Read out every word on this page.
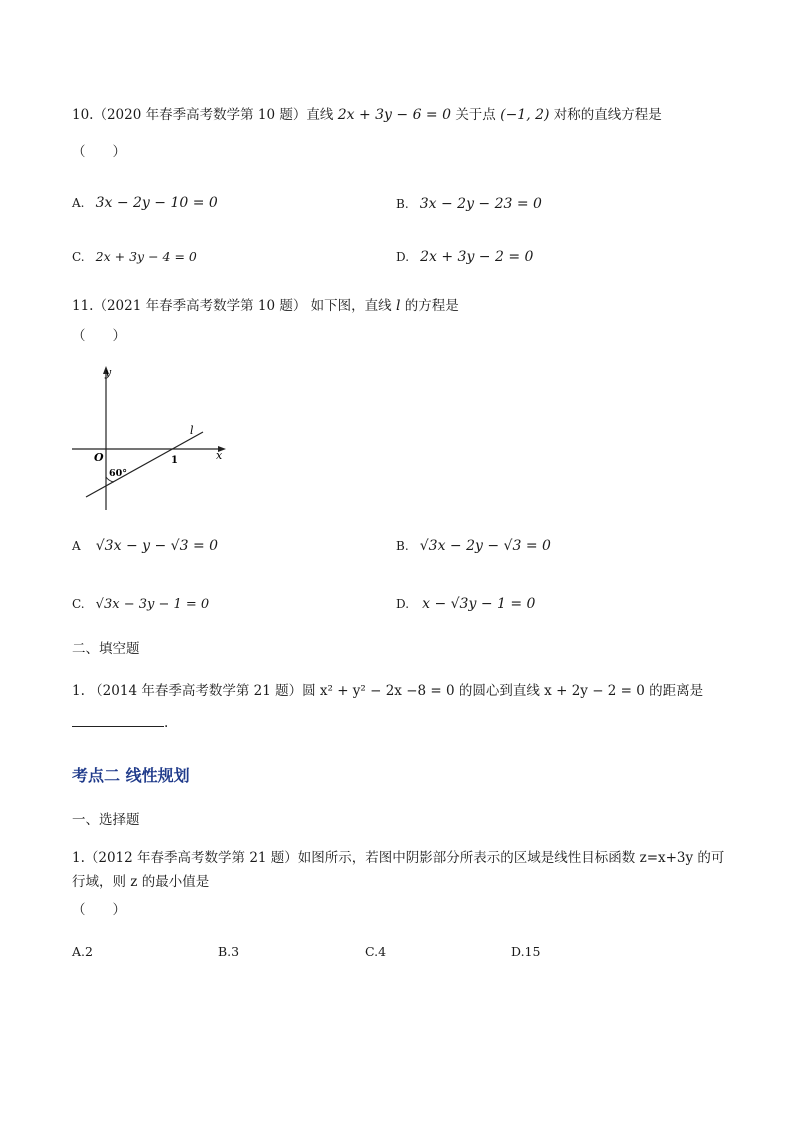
10.（2020 年春季高考数学第 10 题）直线 2x + 3y − 6 = 0 关于点 (−1, 2) 对称的直线方程是
（　　）
A. 3x − 2y − 10 = 0	B. 3x − 2y − 23 = 0
C. 2x + 3y − 4 = 0	D. 2x + 3y − 2 = 0
11.（2021 年春季高考数学第 10 题） 如下图，直线 l 的方程是
（　　）
y
x
O	1
l
60°
A √3x − y − √3 = 0	B. √3x − 2y − √3 = 0
C. √3x − 3y − 1 = 0	D. x − √3y − 1 = 0
二、填空题
1. （2014 年春季高考数学第 21 题）圆 x² + y² − 2x −8 = 0 的圆心到直线 x + 2y − 2 = 0 的距离是
.
考点二 线性规划
一、选择题
1.（2012 年春季高考数学第 21 题）如图所示，若图中阴影部分所表示的区域是线性目标函数 z=x+3y 的可
行域，则 z 的最小值是
（　　）
A.2	B.3	C.4	D.15
